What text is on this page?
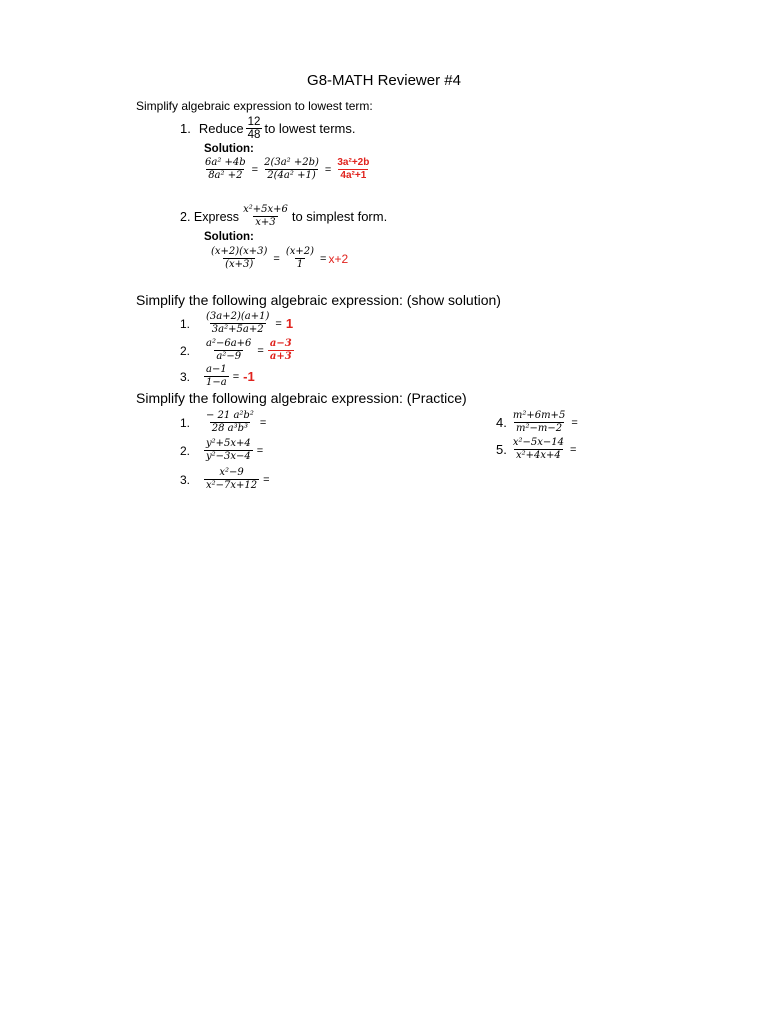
G8-MATH Reviewer #4
Simplify algebraic expression to lowest term:
1. Reduce $\frac{12}{48}$ to lowest terms.
Solution:
$\frac{\text{6a² +4b}}{\text{8a² +2}} = \frac{\text{2(3a² +2b)}}{\text{2(4a² +1)}} = \frac{\text{3a²+2b}}{\text{4a²+1}}$
2. Express $\frac{\text{x²+5x+6}}{x+3}$ to simplest form.
Solution:
$\frac{(x+2)(x+3)}{(x+3)} = \frac{(x+2)}{1} = x+2$
Simplify the following algebraic expression: (show solution)
1.	$\frac{(3a+2)(a+1)}{\text{3a²+5a+2}} = 1$
2.	$\frac{\text{a²−6a+6}}{\text{a²−9}} = \frac{a-3}{a+3}$
3.	$\frac{a-1}{1-a} = -1$
Simplify the following algebraic expression: (Practice)
1.	$\frac{\text{− 21 a²b²}}{\text{28 a³b³}}$ =
2.	$\frac{\text{y²+5x+4}}{\text{y²−3x−4}}$ =
3.	$\frac{\text{x²−9}}{\text{x²−7x+12}}$ =
4. $\frac{\text{m²+6m+5}}{\text{m²−m−2}}$ =
5. $\frac{\text{x²−5x−14}}{\text{x²+4x+4}}$ =
